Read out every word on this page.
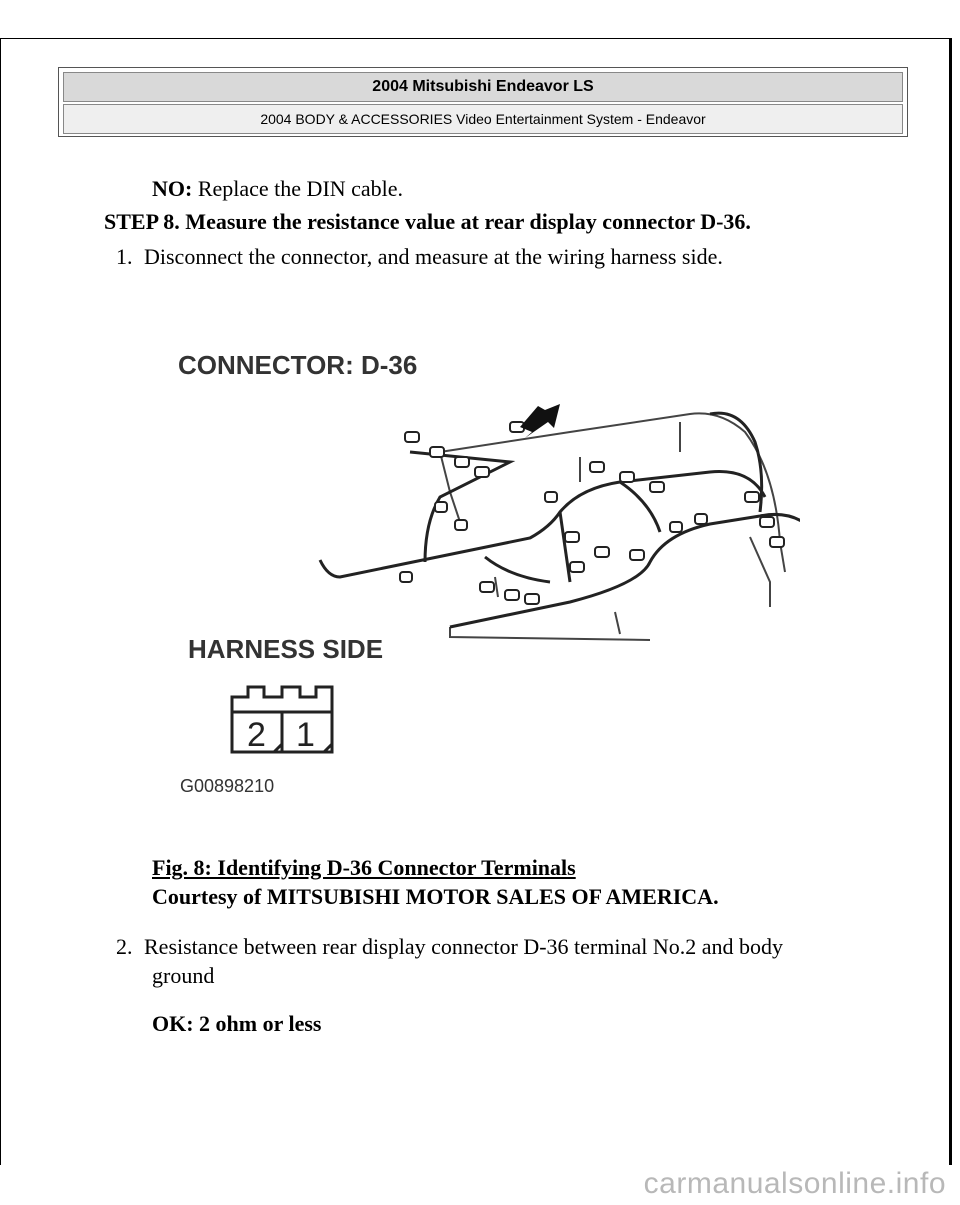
2004 Mitsubishi Endeavor LS
2004 BODY & ACCESSORIES Video Entertainment System - Endeavor
NO: Replace the DIN cable.
STEP 8. Measure the resistance value at rear display connector D-36.
1. Disconnect the connector, and measure at the wiring harness side.
CONNECTOR: D-36
HARNESS SIDE
2 1
G00898210
Fig. 8: Identifying D-36 Connector Terminals
Courtesy of MITSUBISHI MOTOR SALES OF AMERICA.
2. Resistance between rear display connector D-36 terminal No.2 and body
ground
OK: 2 ohm or less
carmanualsonline.info
